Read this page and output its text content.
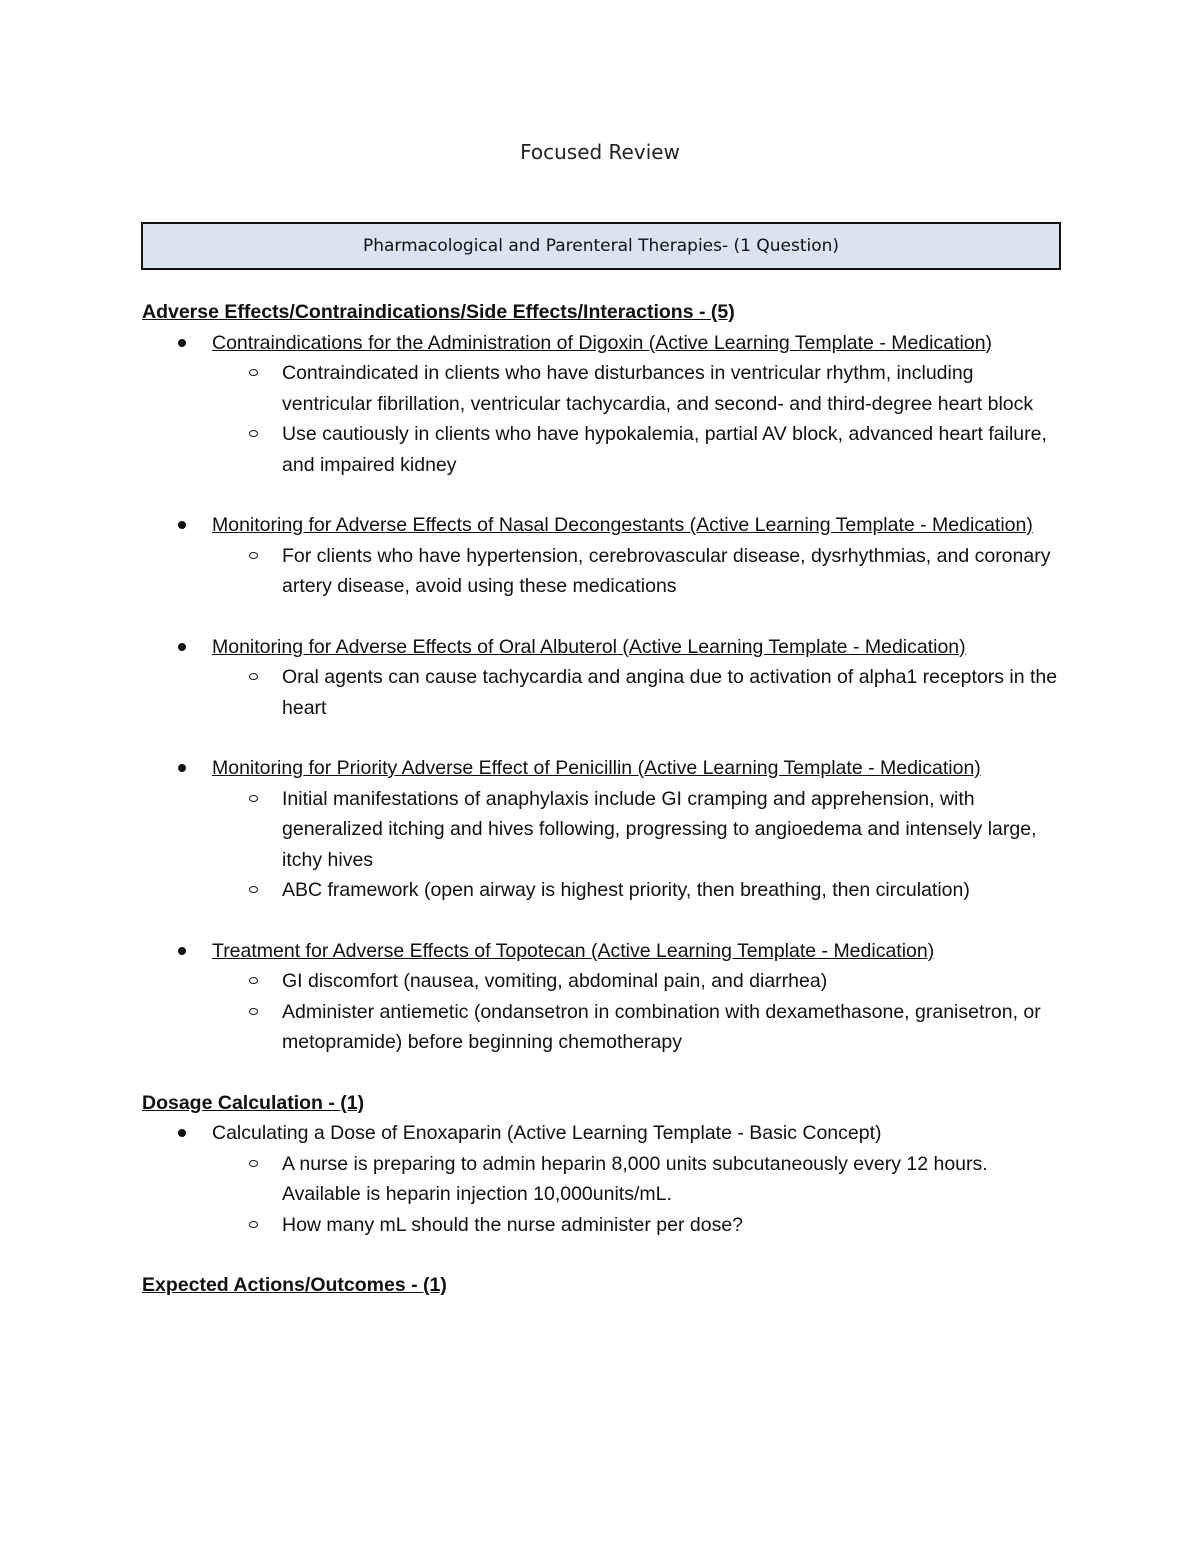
Focused Review
Pharmacological and Parenteral Therapies- (1 Question)

Adverse Effects/Contraindications/Side Effects/Interactions - (5)

Contraindications for the Administration of Digoxin (Active Learning Template - Medication)
Contraindicated in clients who have disturbances in ventricular rhythm, including ventricular fibrillation, ventricular tachycardia, and second- and third-degree heart block
Use cautiously in clients who have hypokalemia, partial AV block, advanced heart failure, and impaired kidney
Monitoring for Adverse Effects of Nasal Decongestants (Active Learning Template - Medication)
For clients who have hypertension, cerebrovascular disease, dysrhythmias, and coronary artery disease, avoid using these medications
Monitoring for Adverse Effects of Oral Albuterol (Active Learning Template - Medication)
Oral agents can cause tachycardia and angina due to activation of alpha1 receptors in the heart
Monitoring for Priority Adverse Effect of Penicillin (Active Learning Template - Medication)
Initial manifestations of anaphylaxis include GI cramping and apprehension, with generalized itching and hives following, progressing to angioedema and intensely large, itchy hives
ABC framework (open airway is highest priority, then breathing, then circulation)
Treatment for Adverse Effects of Topotecan (Active Learning Template - Medication)
GI discomfort (nausea, vomiting, abdominal pain, and diarrhea)
Administer antiemetic (ondansetron in combination with dexamethasone, granisetron, or metopramide) before beginning chemotherapy

Dosage Calculation - (1)

Calculating a Dose of Enoxaparin (Active Learning Template - Basic Concept)
A nurse is preparing to admin heparin 8,000 units subcutaneously every 12 hours. Available is heparin injection 10,000units/mL.
How many mL should the nurse administer per dose?

Expected Actions/Outcomes - (1)
